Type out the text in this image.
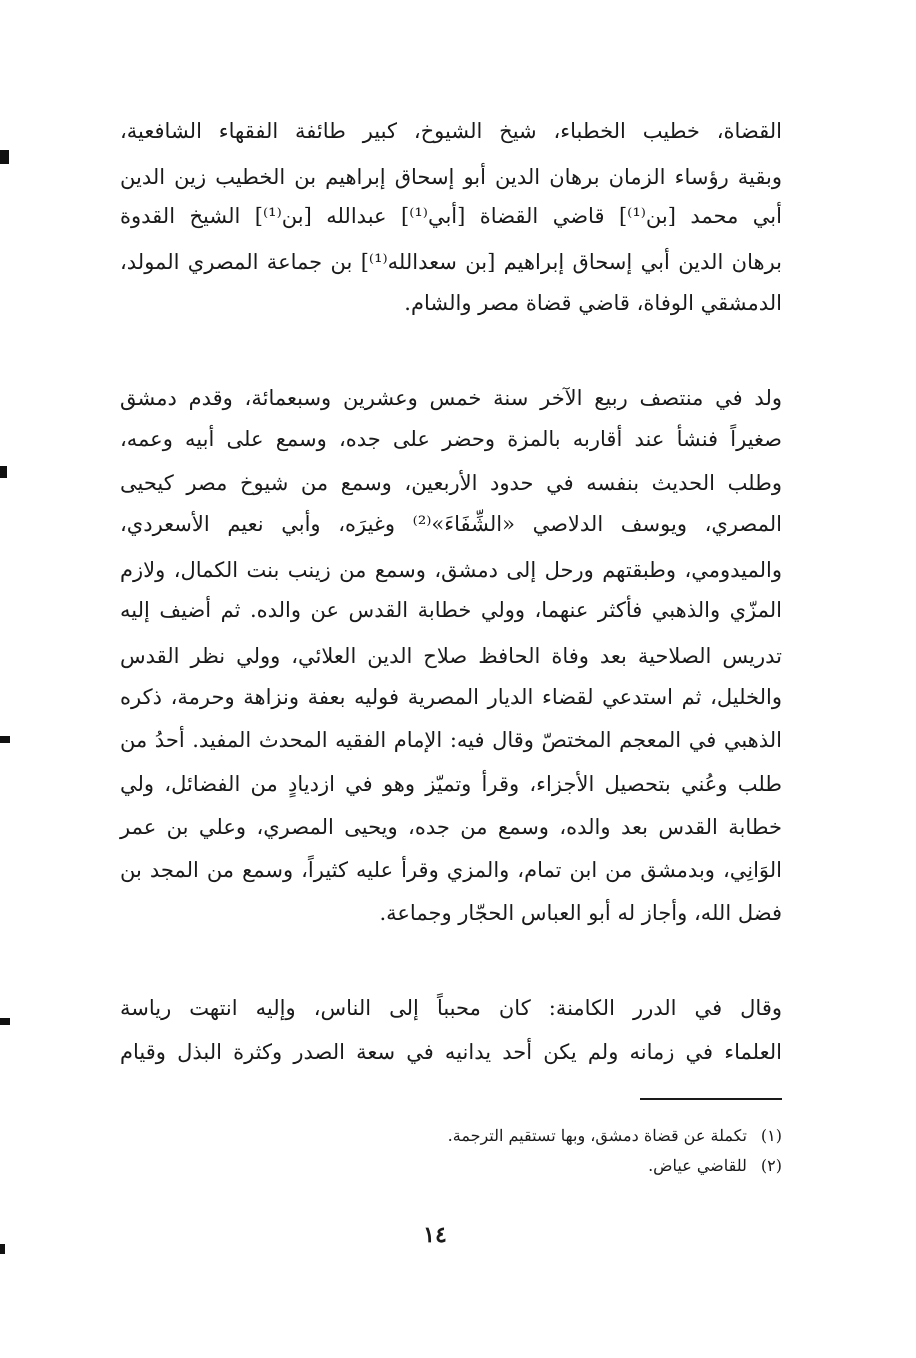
القضاة، خطيب الخطباء، شيخ الشيوخ، كبير طائفة الفقهاء الشافعية،
وبقية رؤساء الزمان برهان الدين أبو إسحاق إبراهيم بن الخطيب زين الدين
أبي محمد [بن⁽¹⁾] قاضي القضاة [أبي⁽¹⁾] عبدالله [بن⁽¹⁾] الشيخ القدوة
برهان الدين أبي إسحاق إبراهيم [بن سعدالله⁽¹⁾] بن جماعة المصري المولد،
الدمشقي الوفاة، قاضي قضاة مصر والشام.
ولد في منتصف ربيع الآخر سنة خمس وعشرين وسبعمائة، وقدم دمشق
صغيراً فنشأ عند أقاربه بالمزة وحضر على جده، وسمع على أبيه وعمه،
وطلب الحديث بنفسه في حدود الأربعين، وسمع من شيوخ مصر كيحيى
المصري، ويوسف الدلاصي «الشِّفَاءَ»⁽²⁾ وغيرَه، وأبي نعيم الأسعردي،
والميدومي، وطبقتهم ورحل إلى دمشق، وسمع من زينب بنت الكمال، ولازم
المزّي والذهبي فأكثر عنهما، وولي خطابة القدس عن والده. ثم أضيف إليه
تدريس الصلاحية بعد وفاة الحافظ صلاح الدين العلائي، وولي نظر القدس
والخليل، ثم استدعي لقضاء الديار المصرية فوليه بعفة ونزاهة وحرمة، ذكره
الذهبي في المعجم المختصّ وقال فيه: الإمام الفقيه المحدث المفيد. أحدُ من
طلب وعُني بتحصيل الأجزاء، وقرأ وتميّز وهو في ازديادٍ من الفضائل، ولي
خطابة القدس بعد والده، وسمع من جده، ويحيى المصري، وعلي بن عمر
الوَانِي، وبدمشق من ابن تمام، والمزي وقرأ عليه كثيراً، وسمع من المجد بن
فضل الله، وأجاز له أبو العباس الحجّار وجماعة.
وقال في الدرر الكامنة: كان محبباً إلى الناس، وإليه انتهت رياسة
العلماء في زمانه ولم يكن أحد يدانيه في سعة الصدر وكثرة البذل وقيام
(١)
تكملة عن قضاة دمشق، وبها تستقيم الترجمة.
(٢)
للقاضي عياض.
١٤
